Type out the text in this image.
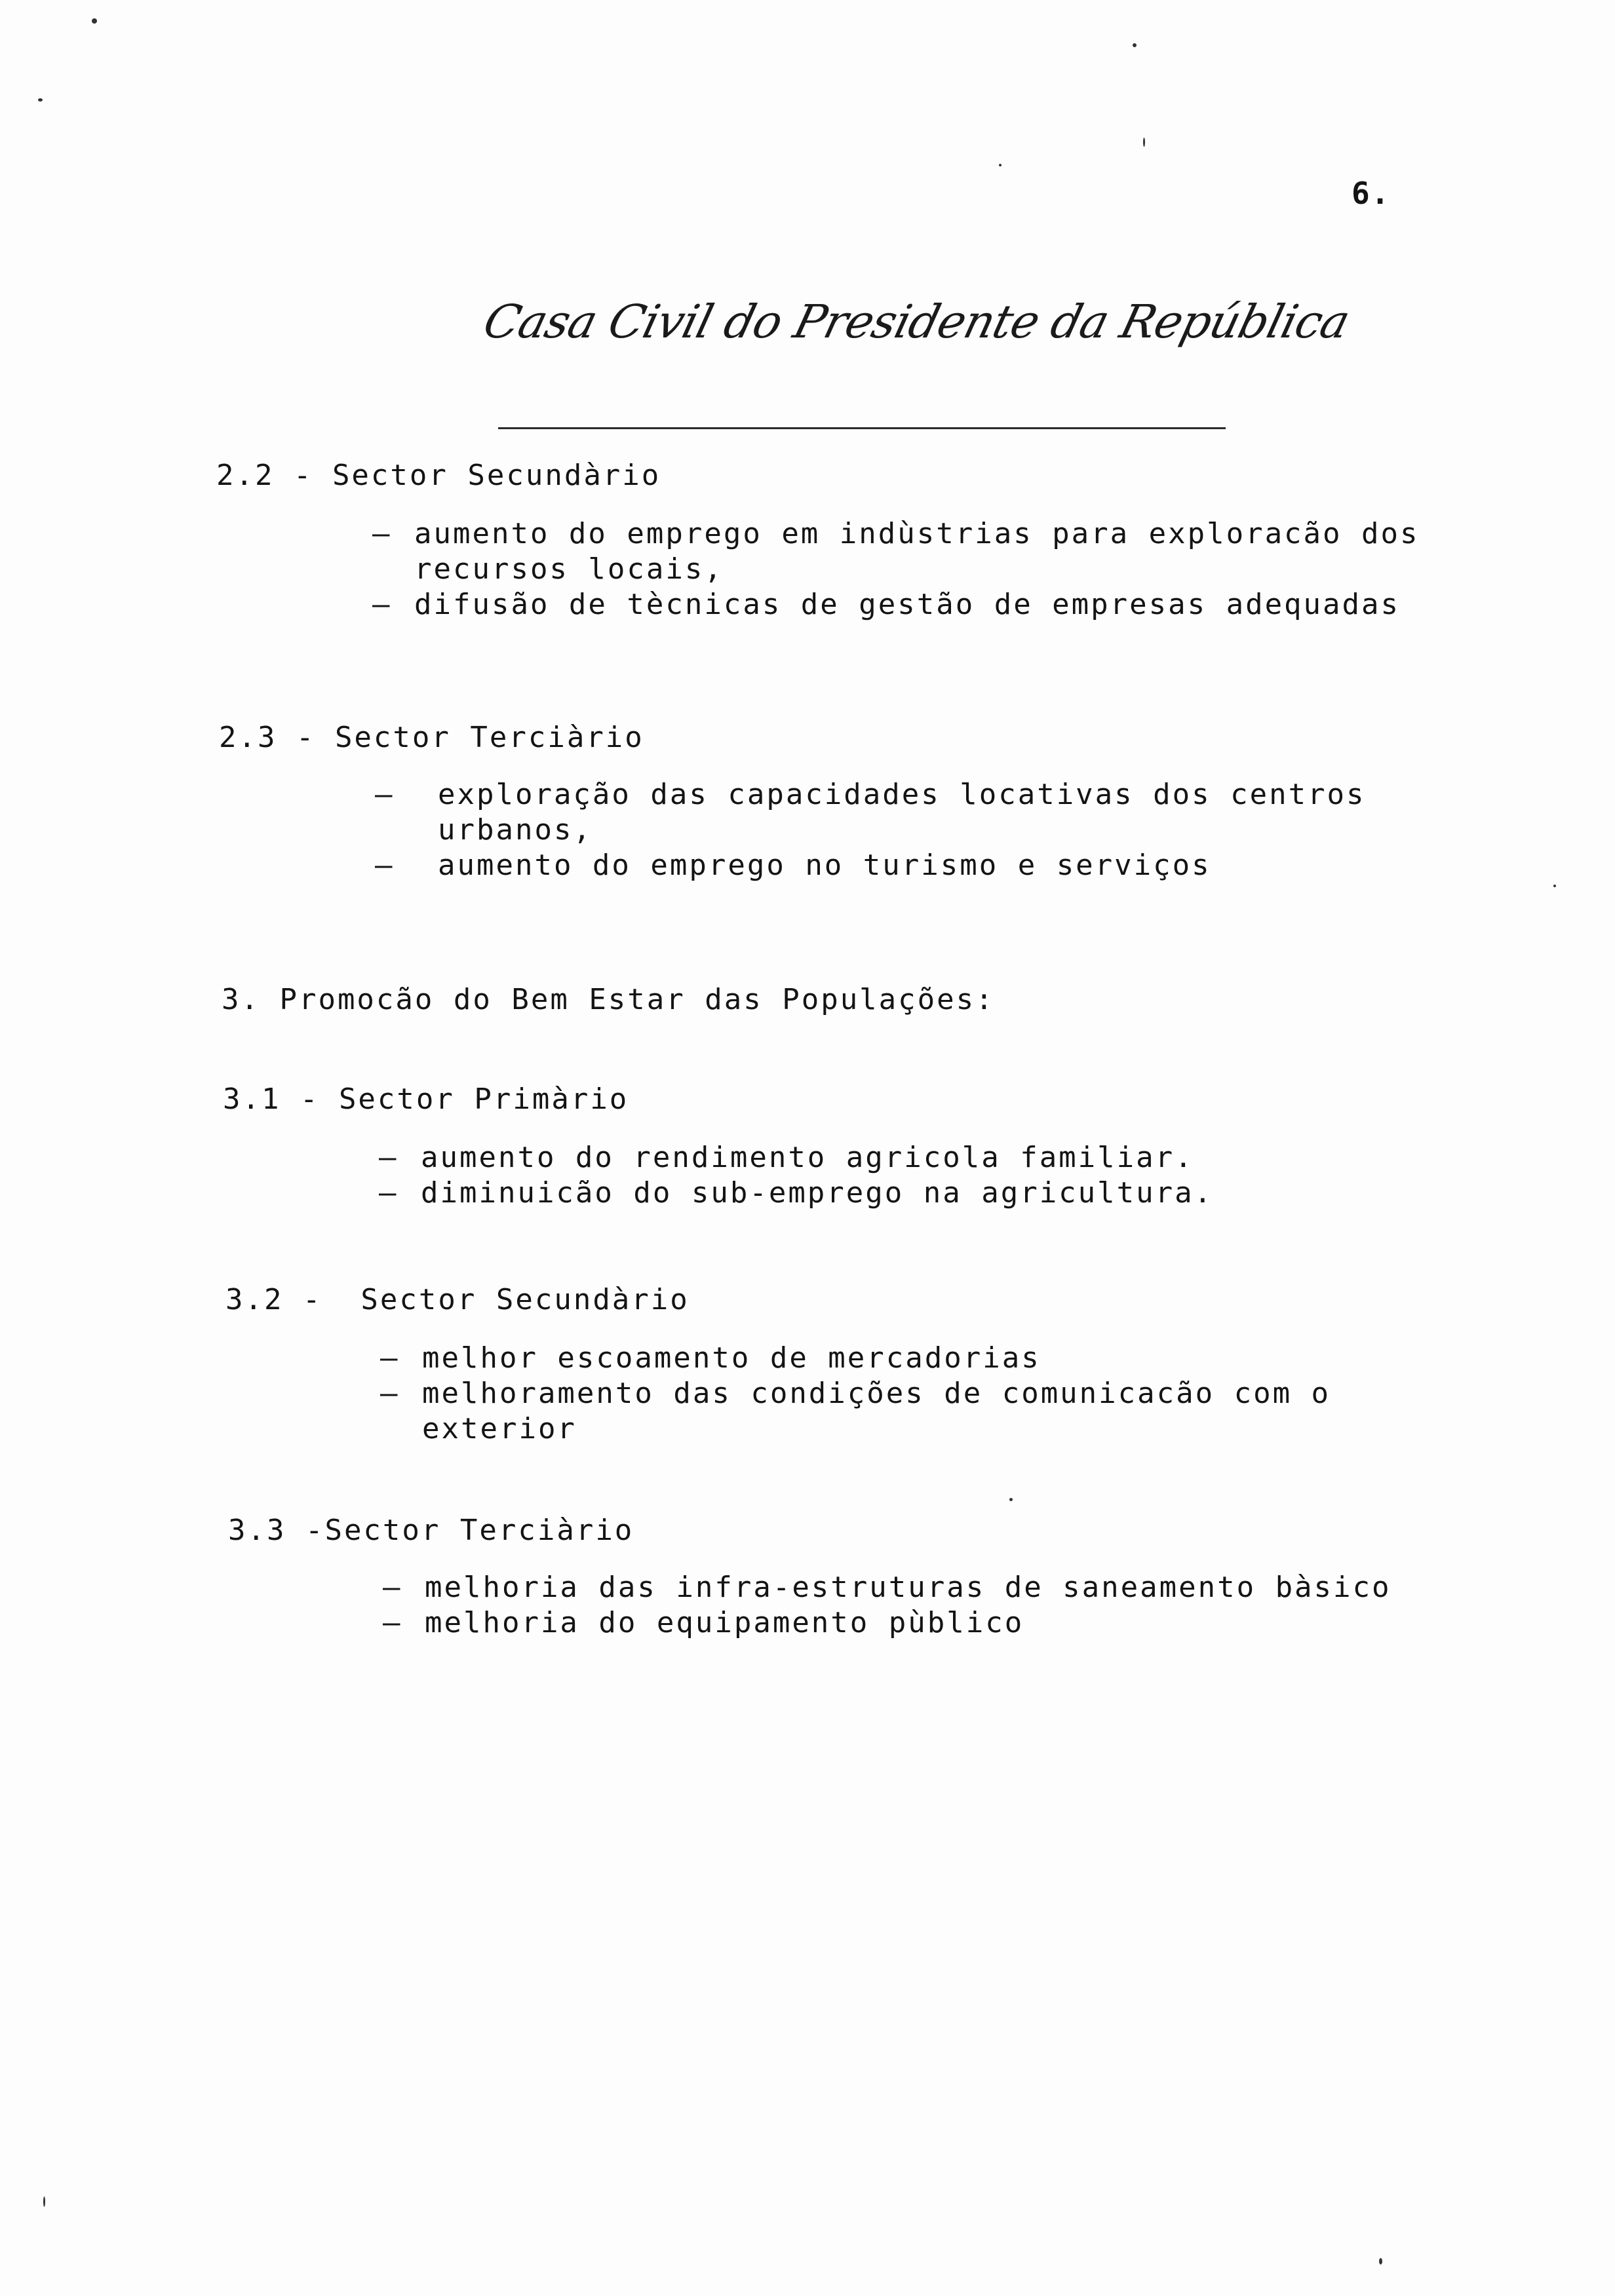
6.
Casa Civil do Presidente da República
2.2 - Sector Secundàrio
– aumento do emprego em indùstrias para exploracão dos
recursos locais,
– difusão de tècnicas de gestão de empresas adequadas
2.3 - Sector Terciàrio
– exploração das capacidades locativas dos centros
urbanos,
– aumento do emprego no turismo e serviços
3. Promocão do Bem Estar das Populações:
3.1 - Sector Primàrio
– aumento do rendimento agricola familiar.
– diminuicão do sub-emprego na agricultura.
3.2 -  Sector Secundàrio
– melhor escoamento de mercadorias
– melhoramento das condições de comunicacão com o
exterior
3.3 -Sector Terciàrio
– melhoria das infra-estruturas de saneamento bàsico
– melhoria do equipamento pùblico
